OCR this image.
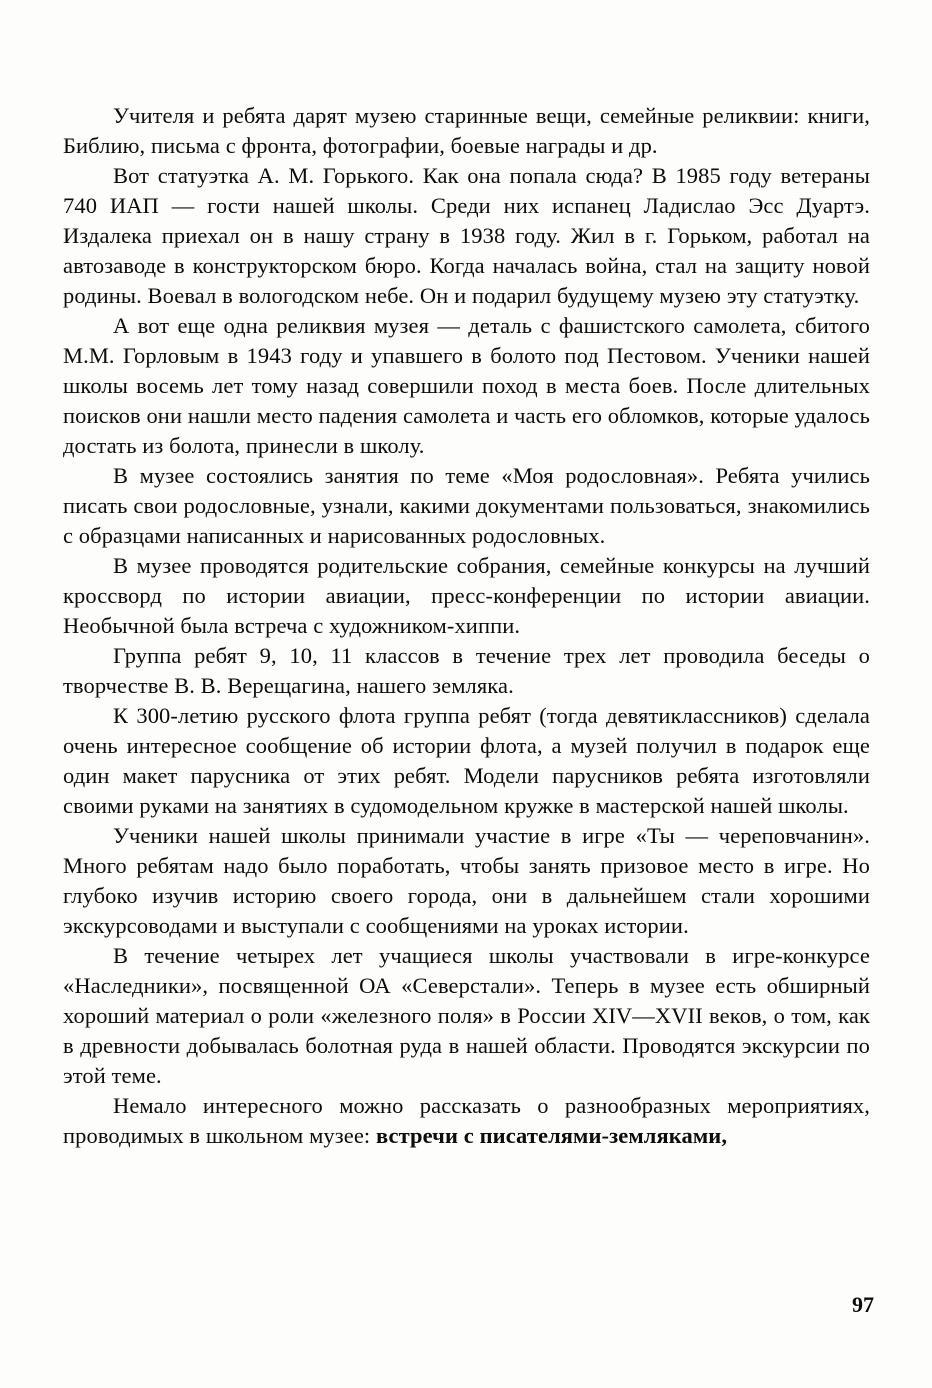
Учителя и ребята дарят музею старинные вещи, семейные реликвии: книги, Библию, письма с фронта, фотографии, боевые награды и др.

Вот статуэтка А. М. Горького. Как она попала сюда? В 1985 году ветераны 740 ИАП — гости нашей школы. Среди них испанец Ладислао Эсс Дуартэ. Издалека приехал он в нашу страну в 1938 году. Жил в г. Горьком, работал на автозаводе в конструкторском бюро. Когда началась война, стал на защиту новой родины. Воевал в вологодском небе. Он и подарил будущему музею эту статуэтку.

А вот еще одна реликвия музея — деталь с фашистского самолета, сбитого М.М. Горловым в 1943 году и упавшего в болото под Пестовом. Ученики нашей школы восемь лет тому назад совершили поход в места боев. После длительных поисков они нашли место падения самолета и часть его обломков, которые удалось достать из болота, принесли в школу.

В музее состоялись занятия по теме «Моя родословная». Ребята учились писать свои родословные, узнали, какими документами пользоваться, знакомились с образцами написанных и нарисованных родословных.

В музее проводятся родительские собрания, семейные конкурсы на лучший кроссворд по истории авиации, пресс-конференции по истории авиации. Необычной была встреча с художником-хиппи.

Группа ребят 9, 10, 11 классов в течение трех лет проводила беседы о творчестве В. В. Верещагина, нашего земляка.

К 300-летию русского флота группа ребят (тогда девятиклассников) сделала очень интересное сообщение об истории флота, а музей получил в подарок еще один макет парусника от этих ребят. Модели парусников ребята изготовляли своими руками на занятиях в судомодельном кружке в мастерской нашей школы.

Ученики нашей школы принимали участие в игре «Ты — череповчанин». Много ребятам надо было поработать, чтобы занять призовое место в игре. Но глубоко изучив историю своего города, они в дальнейшем стали хорошими экскурсоводами и выступали с сообщениями на уроках истории.

В течение четырех лет учащиеся школы участвовали в игре-конкурсе «Наследники», посвященной ОА «Северстали». Теперь в музее есть обширный хороший материал о роли «железного поля» в России XIV—XVII веков, о том, как в древности добывалась болотная руда в нашей области. Проводятся экскурсии по этой теме.

Немало интересного можно рассказать о разнообразных мероприятиях, проводимых в школьном музее: встречи с писателями-земляками,

97
